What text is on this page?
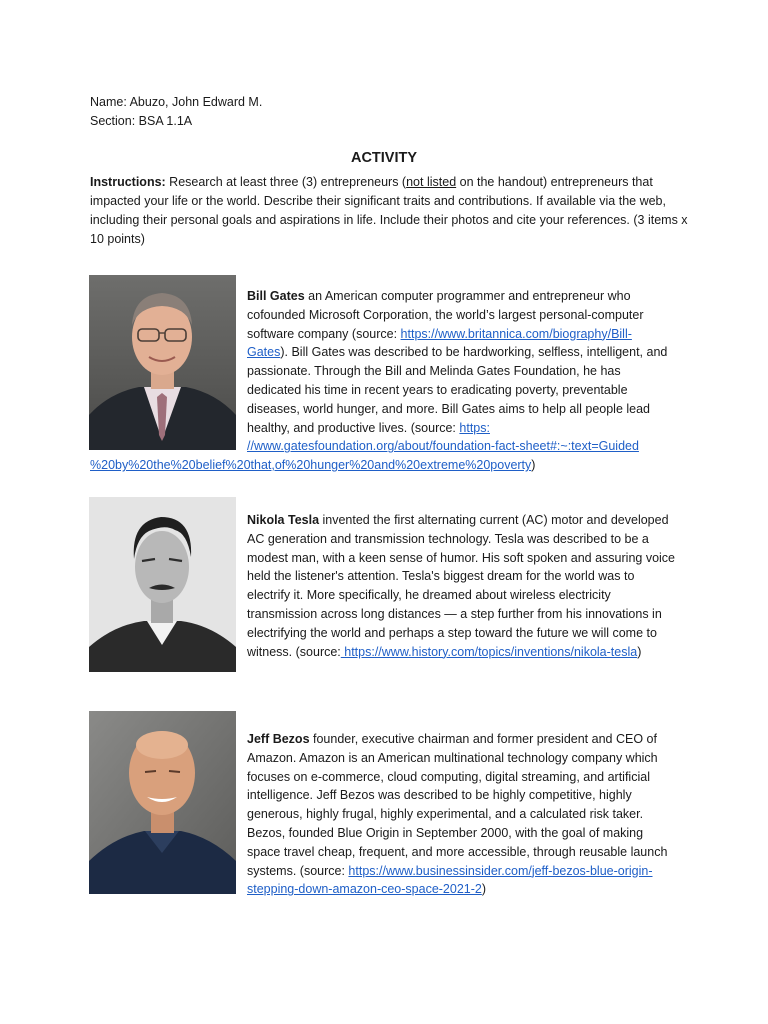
Name: Abuzo, John Edward M.
Section: BSA 1.1A
ACTIVITY
Instructions: Research at least three (3) entrepreneurs (not listed on the handout) entrepreneurs that impacted your life or the world. Describe their significant traits and contributions. If available via the web, including their personal goals and aspirations in life. Include their photos and cite your references. (3 items x 10 points)
Bill Gates an American computer programmer and entrepreneur who
cofounded Microsoft Corporation, the world’s largest personal-computer
software company (source: https://www.britannica.com/biography/Bill-
Gates). Bill Gates was described to be hardworking, selfless, intelligent, and
passionate. Through the Bill and Melinda Gates Foundation, he has
dedicated his time in recent years to eradicating poverty, preventable
diseases, world hunger, and more. Bill Gates aims to help all people lead
healthy, and productive lives. (source: https:
//www.gatesfoundation.org/about/foundation-fact-sheet#:~:text=Guided
%20by%20the%20belief%20that,of%20hunger%20and%20extreme%20poverty)
Nikola Tesla invented the first alternating current (AC) motor and developed
AC generation and transmission technology. Tesla was described to be a
modest man, with a keen sense of humor. His soft spoken and assuring voice
held the listener's attention. Tesla's biggest dream for the world was to
electrify it. More specifically, he dreamed about wireless electricity
transmission across long distances — a step further from his innovations in
electrifying the world and perhaps a step toward the future we will come to
witness. (source: https://www.history.com/topics/inventions/nikola-tesla)
Jeff Bezos founder, executive chairman and former president and CEO of
Amazon. Amazon is an American multinational technology company which
focuses on e-commerce, cloud computing, digital streaming, and artificial
intelligence. Jeff Bezos was described to be highly competitive, highly
generous, highly frugal, highly experimental, and a calculated risk taker.
Bezos, founded Blue Origin in September 2000, with the goal of making
space travel cheap, frequent, and more accessible, through reusable launch
systems. (source: https://www.businessinsider.com/jeff-bezos-blue-origin-
stepping-down-amazon-ceo-space-2021-2)
